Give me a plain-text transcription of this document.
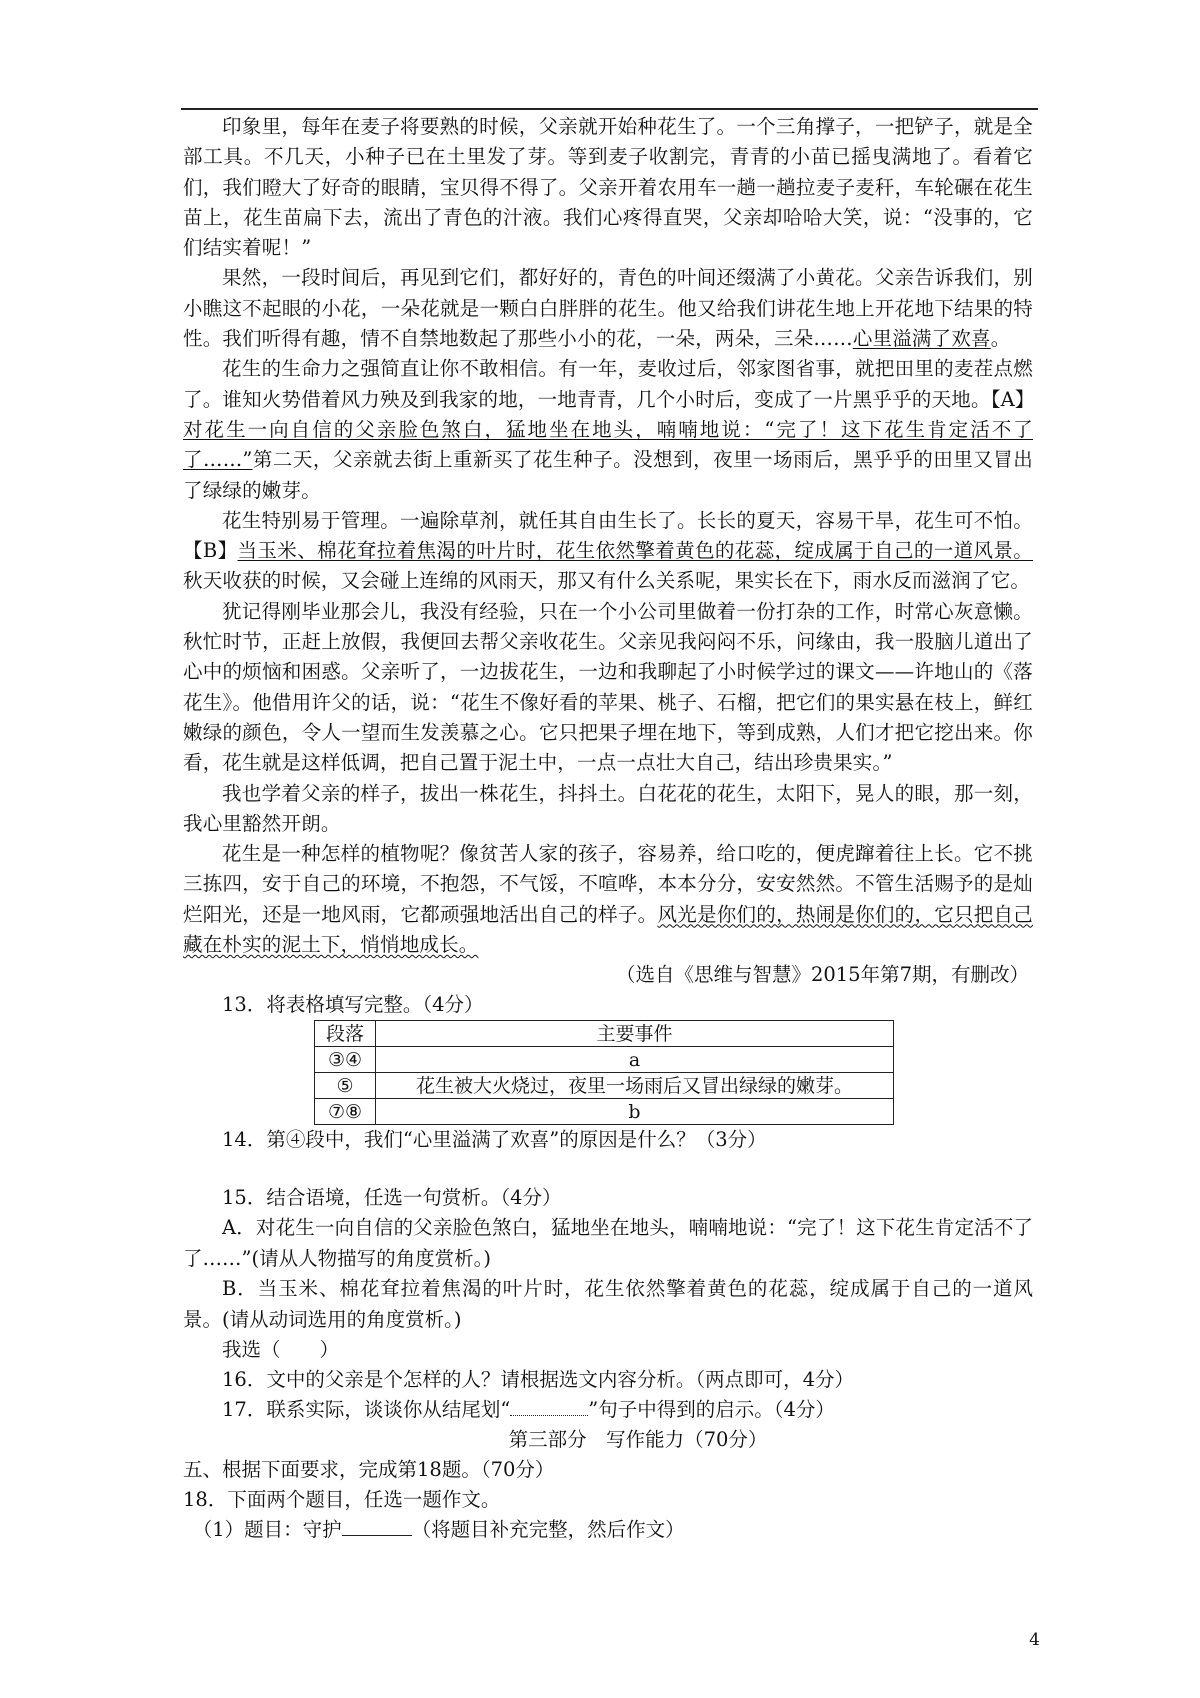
印象里，每年在麦子将要熟的时候，父亲就开始种花生了。一个三角撑子，一把铲子，就是全部工具。不几天，小种子已在土里发了芽。等到麦子收割完，青青的小苗已摇曳满地了。看着它们，我们瞪大了好奇的眼睛，宝贝得不得了。父亲开着农用车一趟一趟拉麦子麦秆，车轮碾在花生苗上，花生苗扁下去，流出了青色的汁液。我们心疼得直哭，父亲却哈哈大笑，说：“没事的，它们结实着呢！”

果然，一段时间后，再见到它们，都好好的，青色的叶间还缀满了小黄花。父亲告诉我们，别小瞧这不起眼的小花，一朵花就是一颗白白胖胖的花生。他又给我们讲花生地上开花地下结果的特性。我们听得有趣，情不自禁地数起了那些小小的花，一朵，两朵，三朵……心里溢满了欢喜。

花生的生命力之强简直让你不敢相信。有一年，麦收过后，邻家图省事，就把田里的麦茬点燃了。谁知火势借着风力殃及到我家的地，一地青青，几个小时后，变成了一片黑乎乎的天地。【A】对花生一向自信的父亲脸色煞白，猛地坐在地头，喃喃地说：“完了！这下花生肯定活不了了……”第二天，父亲就去街上重新买了花生种子。没想到，夜里一场雨后，黑乎乎的田里又冒出了绿绿的嫩芽。

花生特别易于管理。一遍除草剂，就任其自由生长了。长长的夏天，容易干旱，花生可不怕。【B】当玉米、棉花耷拉着焦渴的叶片时，花生依然擎着黄色的花蕊，绽成属于自己的一道风景。秋天收获的时候，又会碰上连绵的风雨天，那又有什么关系呢，果实长在下，雨水反而滋润了它。

犹记得刚毕业那会儿，我没有经验，只在一个小公司里做着一份打杂的工作，时常心灰意懒。秋忙时节，正赶上放假，我便回去帮父亲收花生。父亲见我闷闷不乐，问缘由，我一股脑儿道出了心中的烦恼和困惑。父亲听了，一边拔花生，一边和我聊起了小时候学过的课文——许地山的《落花生》。他借用许父的话，说：“花生不像好看的苹果、桃子、石榴，把它们的果实悬在枝上，鲜红嫩绿的颜色，令人一望而生发羡慕之心。它只把果子埋在地下，等到成熟，人们才把它挖出来。你看，花生就是这样低调，把自己置于泥土中，一点一点壮大自己，结出珍贵果实。”

我也学着父亲的样子，拔出一株花生，抖抖土。白花花的花生，太阳下，晃人的眼，那一刻，我心里豁然开朗。

花生是一种怎样的植物呢？像贫苦人家的孩子，容易养，给口吃的，便虎蹿着往上长。它不挑三拣四，安于自己的环境，不抱怨，不气馁，不喧哗，本本分分，安安然然。不管生活赐予的是灿烂阳光，还是一地风雨，它都顽强地活出自己的样子。风光是你们的，热闹是你们的，它只把自己藏在朴实的泥土下，悄悄地成长。

（选自《思维与智慧》2015年第7期，有删改）

13．将表格填写完整。（4分）

段落	主要事件
③④	a
⑤	花生被大火烧过，夜里一场雨后又冒出绿绿的嫩芽。
⑦⑧	b

14．第④段中，我们“心里溢满了欢喜”的原因是什么？（3分）

15．结合语境，任选一句赏析。（4分）

A．对花生一向自信的父亲脸色煞白，猛地坐在地头，喃喃地说：“完了！这下花生肯定活不了了……”(请从人物描写的角度赏析。)

B．当玉米、棉花耷拉着焦渴的叶片时，花生依然擎着黄色的花蕊，绽成属于自己的一道风景。(请从动词选用的角度赏析。)

我选（　　）

16．文中的父亲是个怎样的人？请根据选文内容分析。（两点即可，4分）

17．联系实际，谈谈你从结尾划“	”句子中得到的启示。（4分）

第三部分　写作能力（70分）

五、根据下面要求，完成第18题。（70分）

18．下面两个题目，任选一题作文。

（1）题目：守护	（将题目补充完整，然后作文）

4
